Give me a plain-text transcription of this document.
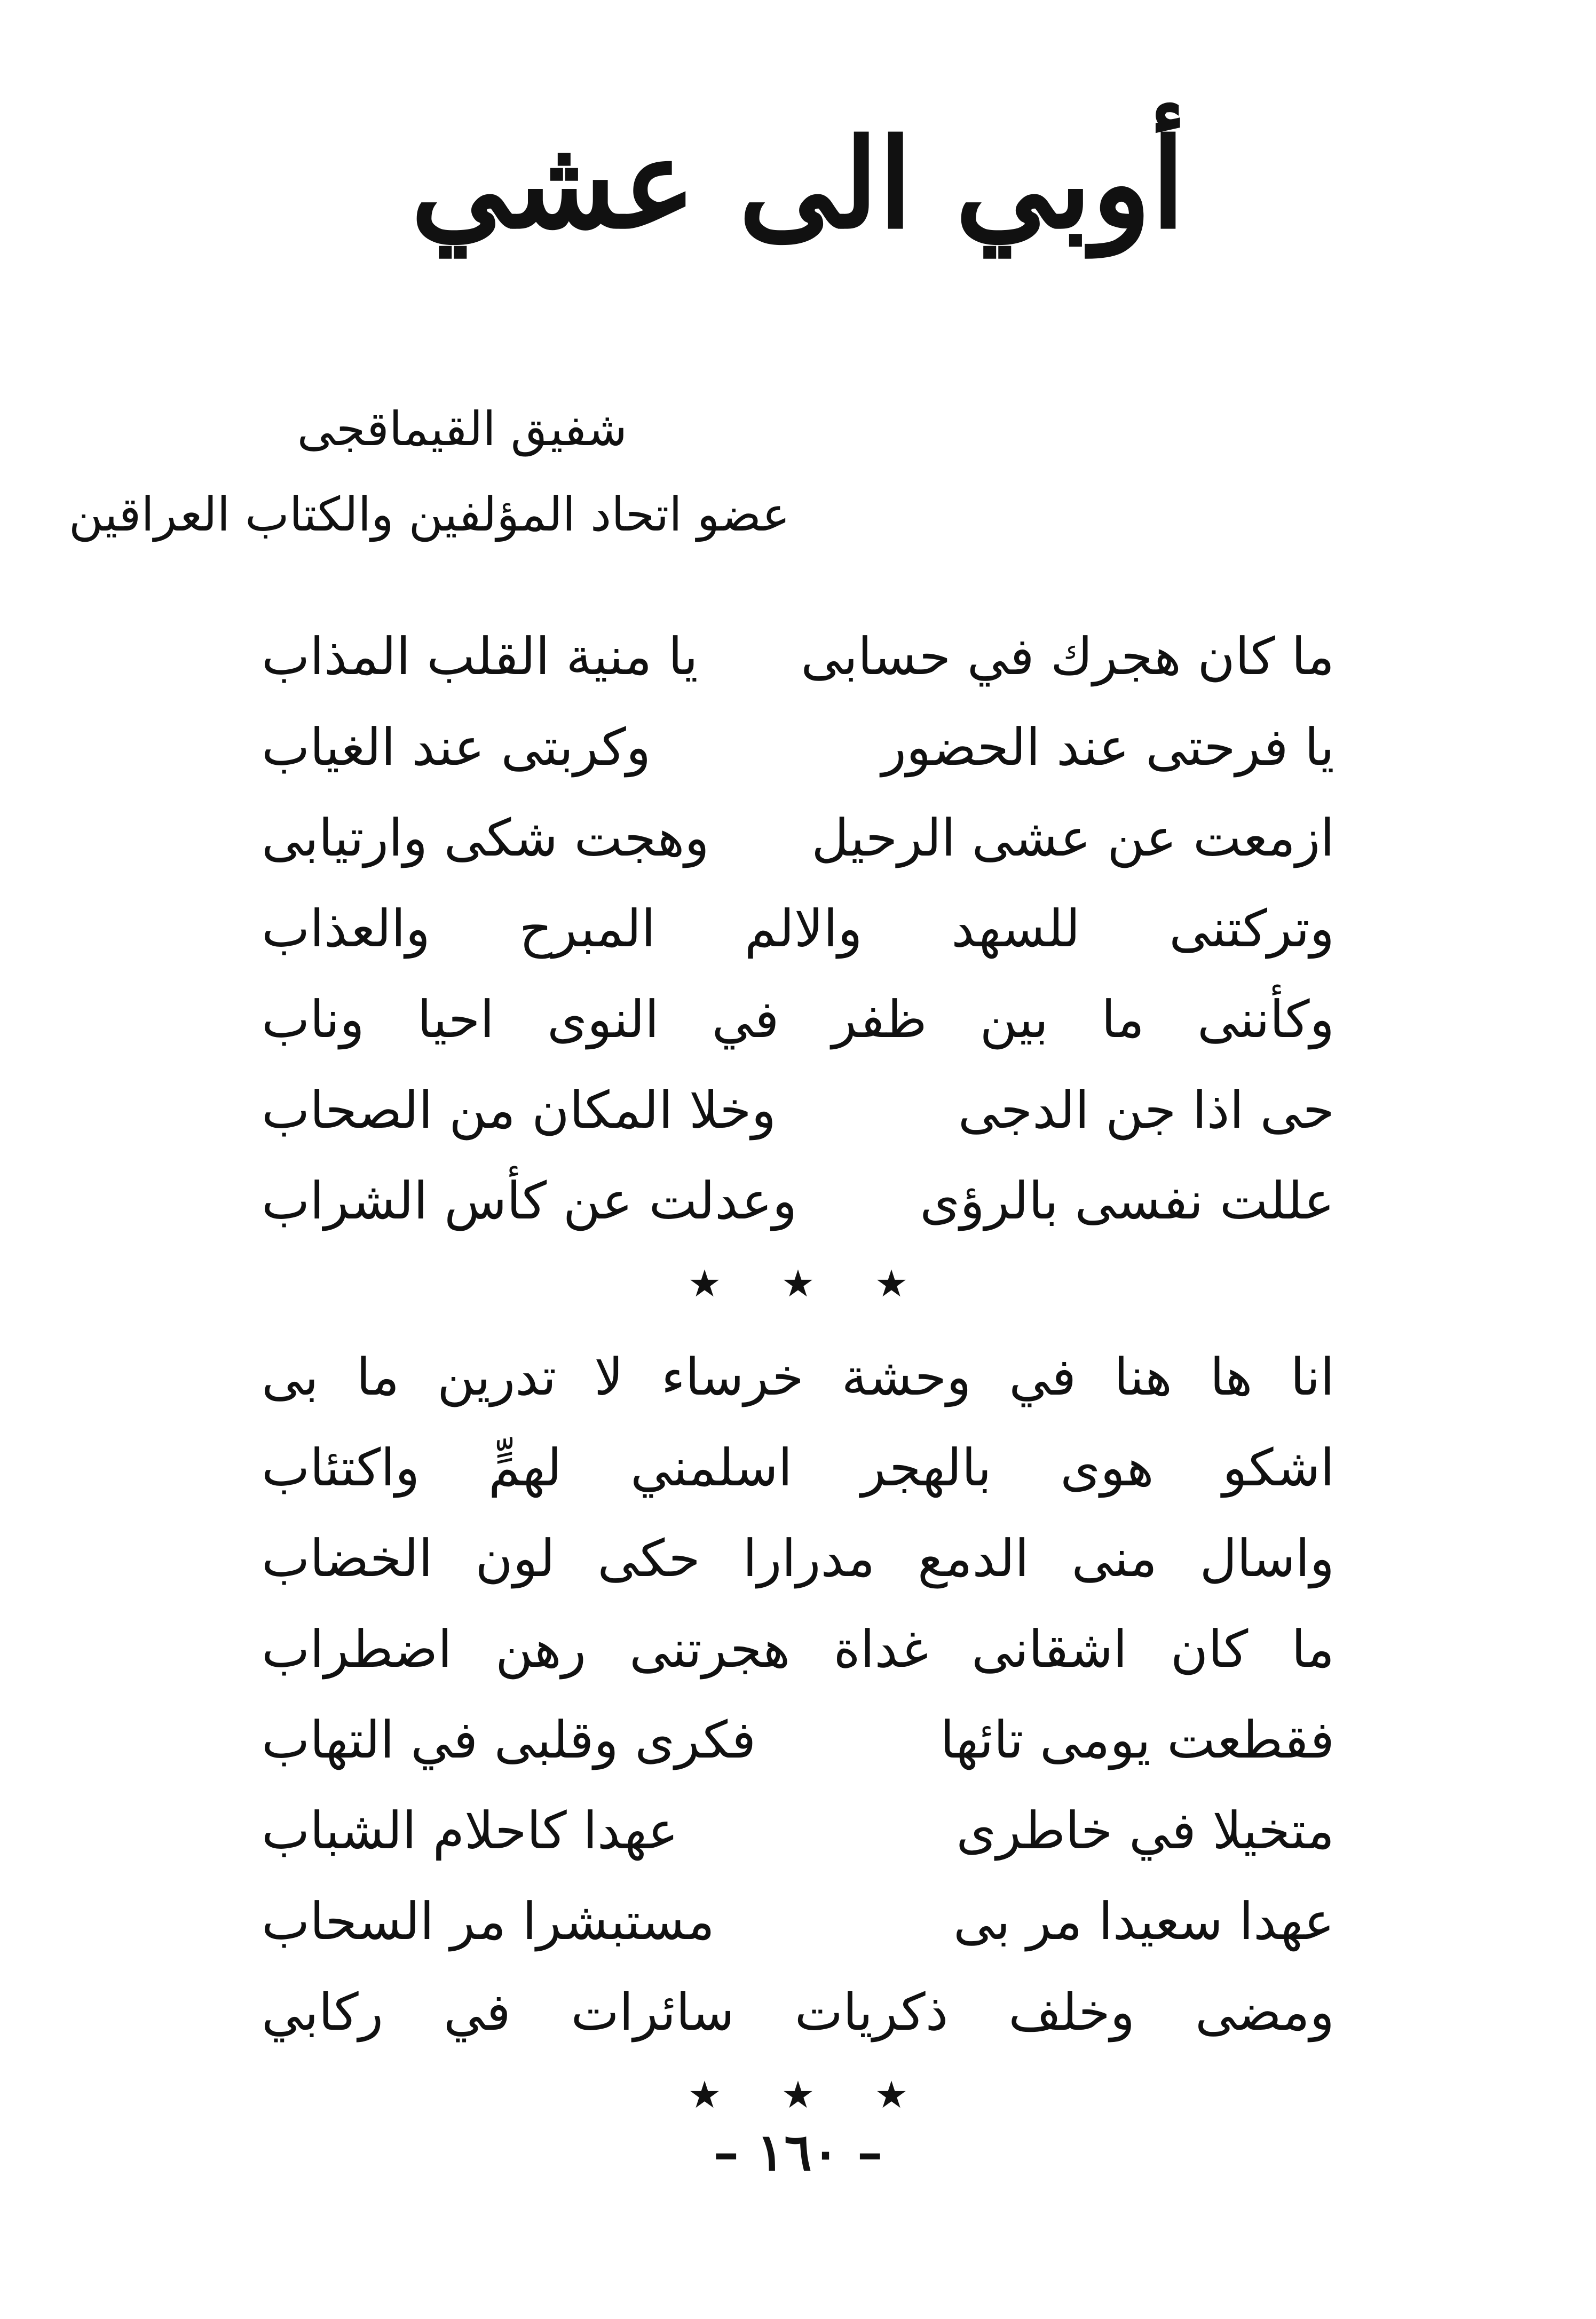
أوبي الى عشي
شفيق القيماقجى
عضو اتحاد المؤلفين والكتاب العراقين
ما كان هجرك في حسابى
يا منية القلب المذاب
يا فرحتى عند الحضور
وكربتى عند الغياب
ازمعت عن عشى الرحيل
وهجت شكى وارتيابى
وتركتنى للسهد والالم المبرح والعذاب
وكأننى ما بين ظفر في النوى احيا وناب
حى اذا جن الدجى
وخلا المكان من الصحاب
عللت نفسى بالرؤى
وعدلت عن كأس الشراب
★ ★ ★
انا ها هنا في وحشة خرساء لا تدرين ما بى
اشكو هوى بالهجر اسلمني لهمٍّ واكتئاب
واسال منى الدمع مدرارا حكى لون الخضاب
ما كان اشقانى غداة هجرتنى رهن اضطراب
فقطعت يومى تائها
فكرى وقلبى في التهاب
متخيلا في خاطرى
عهدا كاحلام الشباب
عهدا سعيدا مر بى
مستبشرا مر السحاب
ومضى وخلف ذكريات سائرات في ركابي
★ ★ ★
– ١٦٠ –
